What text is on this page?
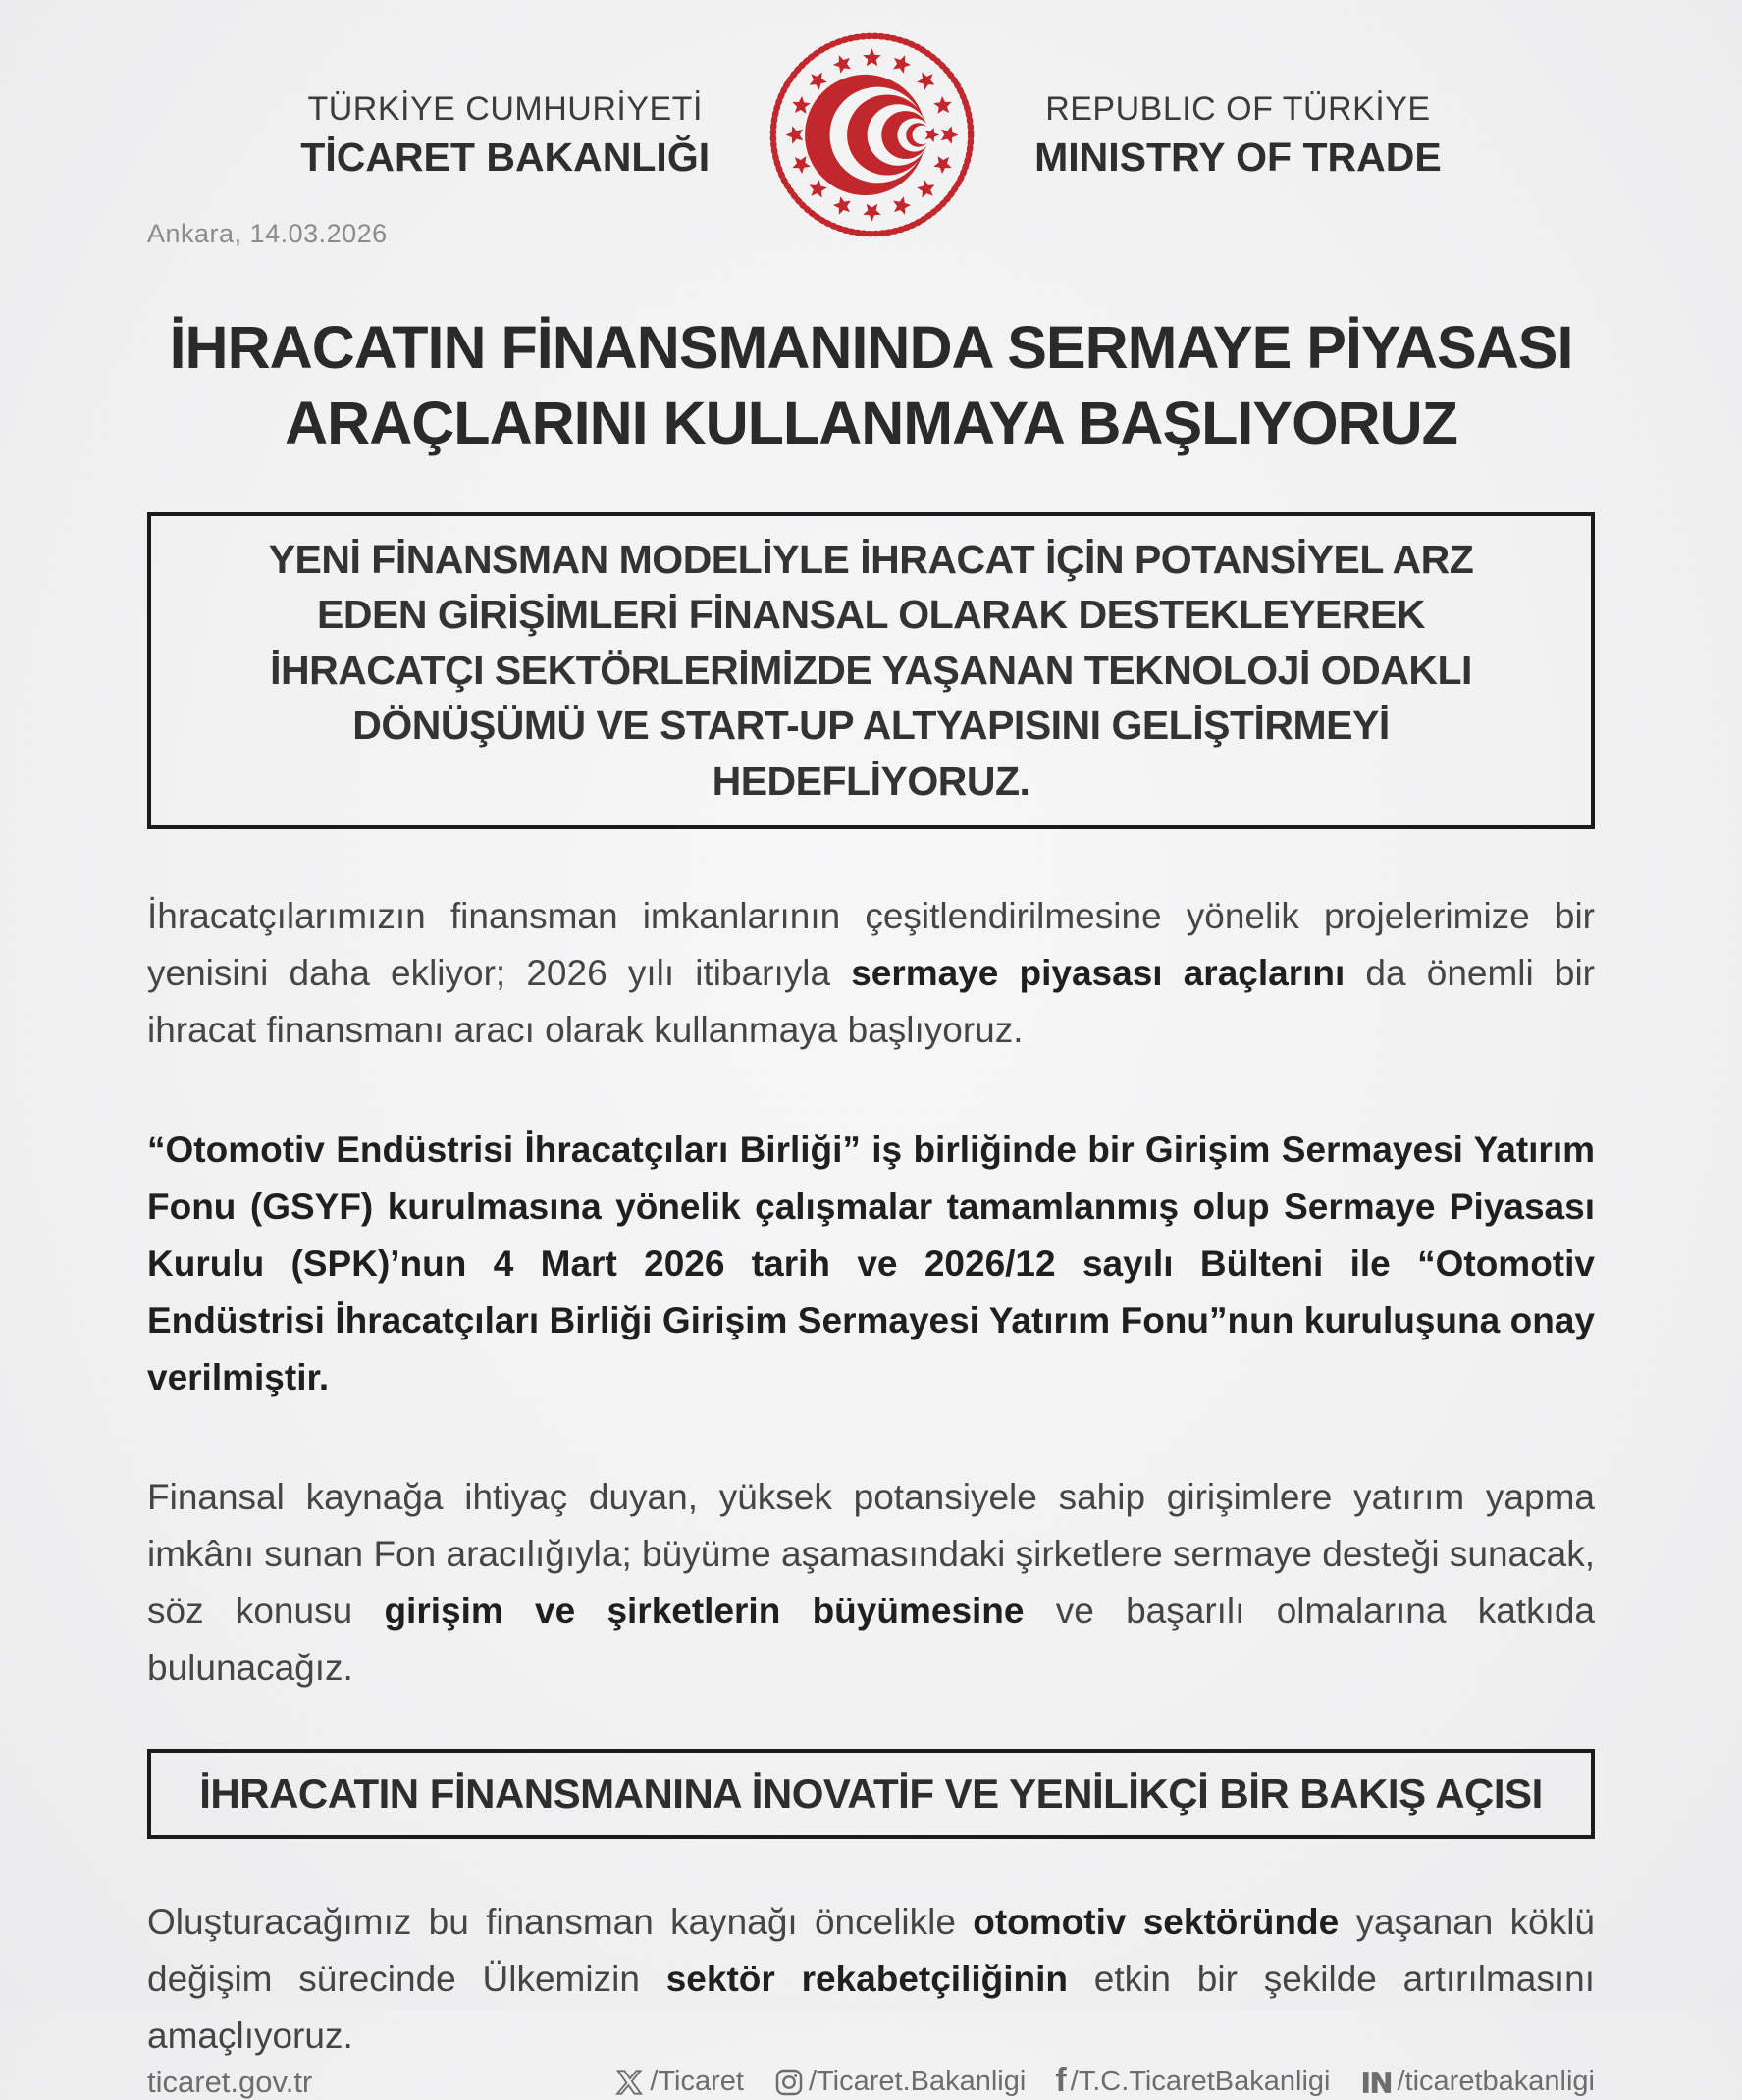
TÜRKİYE CUMHURİYETİ
TİCARET BAKANLIĞI
REPUBLIC OF TÜRKİYE
MINISTRY OF TRADE
Ankara, 14.03.2026
İHRACATIN FİNANSMANINDA SERMAYE PİYASASI
ARAÇLARINI KULLANMAYA BAŞLIYORUZ
YENİ FİNANSMAN MODELİYLE İHRACAT İÇİN POTANSİYEL ARZ EDEN GİRİŞİMLERİ FİNANSAL OLARAK DESTEKLEYEREK İHRACATÇI SEKTÖRLERİMİZDE YAŞANAN TEKNOLOJİ ODAKLI DÖNÜŞÜMÜ VE START-UP ALTYAPISINI GELİŞTİRMEYİ HEDEFLİYORUZ.

İhracatçılarımızın finansman imkanlarının çeşitlendirilmesine yönelik projelerimize bir yenisini daha ekliyor; 2026 yılı itibarıyla sermaye piyasası araçlarını da önemli bir ihracat finansmanı aracı olarak kullanmaya başlıyoruz.

“Otomotiv Endüstrisi İhracatçıları Birliği” iş birliğinde bir Girişim Sermayesi Yatırım Fonu (GSYF) kurulmasına yönelik çalışmalar tamamlanmış olup Sermaye Piyasası Kurulu (SPK)’nun 4 Mart 2026 tarih ve 2026/12 sayılı Bülteni ile “Otomotiv Endüstrisi İhracatçıları Birliği Girişim Sermayesi Yatırım Fonu”nun kuruluşuna onay verilmiştir.

Finansal kaynağa ihtiyaç duyan, yüksek potansiyele sahip girişimlere yatırım yapma imkânı sunan Fon aracılığıyla; büyüme aşamasındaki şirketlere sermaye desteği sunacak, söz konusu girişim ve şirketlerin büyümesine ve başarılı olmalarına katkıda bulunacağız.

İHRACATIN FİNANSMANINA İNOVATİF VE YENİLİKÇİ BİR BAKIŞ AÇISI

Oluşturacağımız bu finansman kaynağı öncelikle otomotiv sektöründe yaşanan köklü değişim sürecinde Ülkemizin sektör rekabetçiliğinin etkin bir şekilde artırılmasını amaçlıyoruz.

ticaret.gov.tr	/Ticaret /Ticaret.Bakanligi f /T.C.TicaretBakanligi /ticaretbakanligi
